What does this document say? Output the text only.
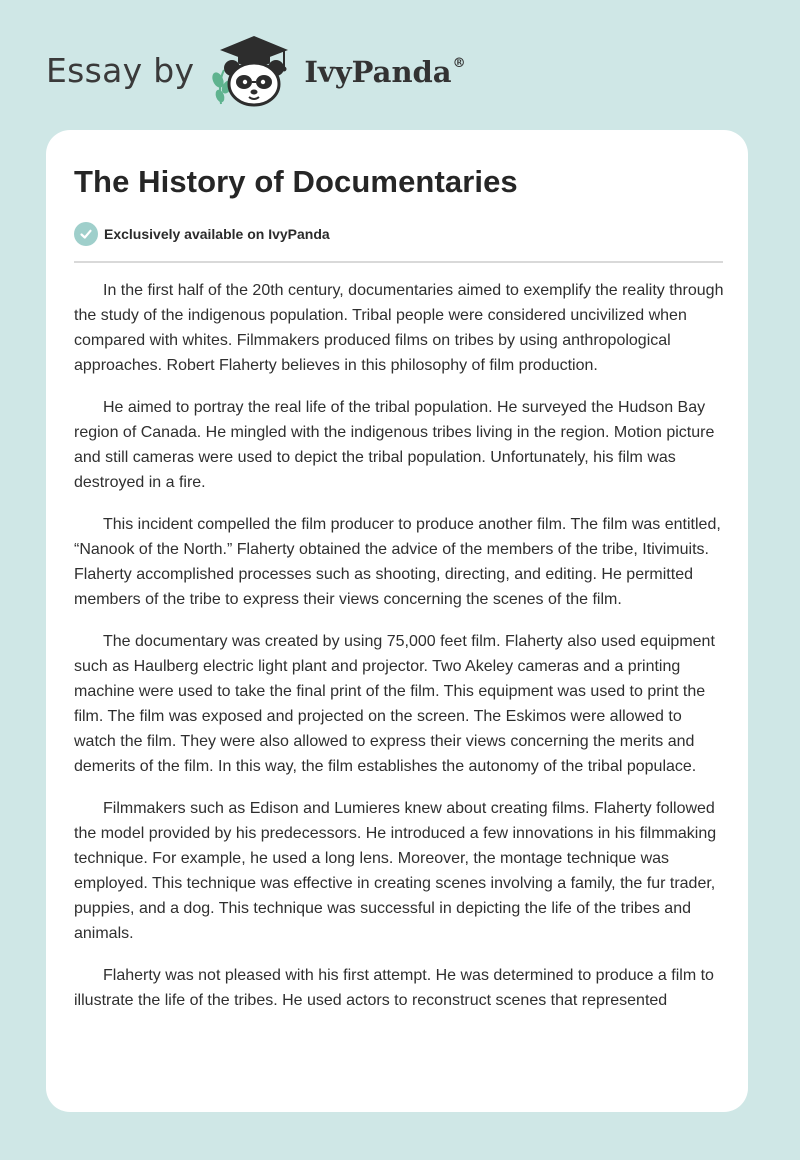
Essay by	IvyPanda®
The History of Documentaries
Exclusively available on IvyPanda

In the first half of the 20th century, documentaries aimed to exemplify the reality through the study of the indigenous population. Tribal people were considered uncivilized when compared with whites. Filmmakers produced films on tribes by using anthropological approaches. Robert Flaherty believes in this philosophy of film production.

He aimed to portray the real life of the tribal population. He surveyed the Hudson Bay region of Canada. He mingled with the indigenous tribes living in the region. Motion picture and still cameras were used to depict the tribal population. Unfortunately, his film was destroyed in a fire.

This incident compelled the film producer to produce another film. The film was entitled, “Nanook of the North.” Flaherty obtained the advice of the members of the tribe, Itivimuits. Flaherty accomplished processes such as shooting, directing, and editing. He permitted members of the tribe to express their views concerning the scenes of the film.

The documentary was created by using 75,000 feet film. Flaherty also used equipment such as Haulberg electric light plant and projector. Two Akeley cameras and a printing machine were used to take the final print of the film. This equipment was used to print the film. The film was exposed and projected on the screen. The Eskimos were allowed to watch the film. They were also allowed to express their views concerning the merits and demerits of the film. In this way, the film establishes the autonomy of the tribal populace.

Filmmakers such as Edison and Lumieres knew about creating films. Flaherty followed the model provided by his predecessors. He introduced a few innovations in his filmmaking technique. For example, he used a long lens. Moreover, the montage technique was employed. This technique was effective in creating scenes involving a family, the fur trader, puppies, and a dog. This technique was successful in depicting the life of the tribes and animals.

Flaherty was not pleased with his first attempt. He was determined to produce a film to illustrate the life of the tribes. He used actors to reconstruct scenes that represented
